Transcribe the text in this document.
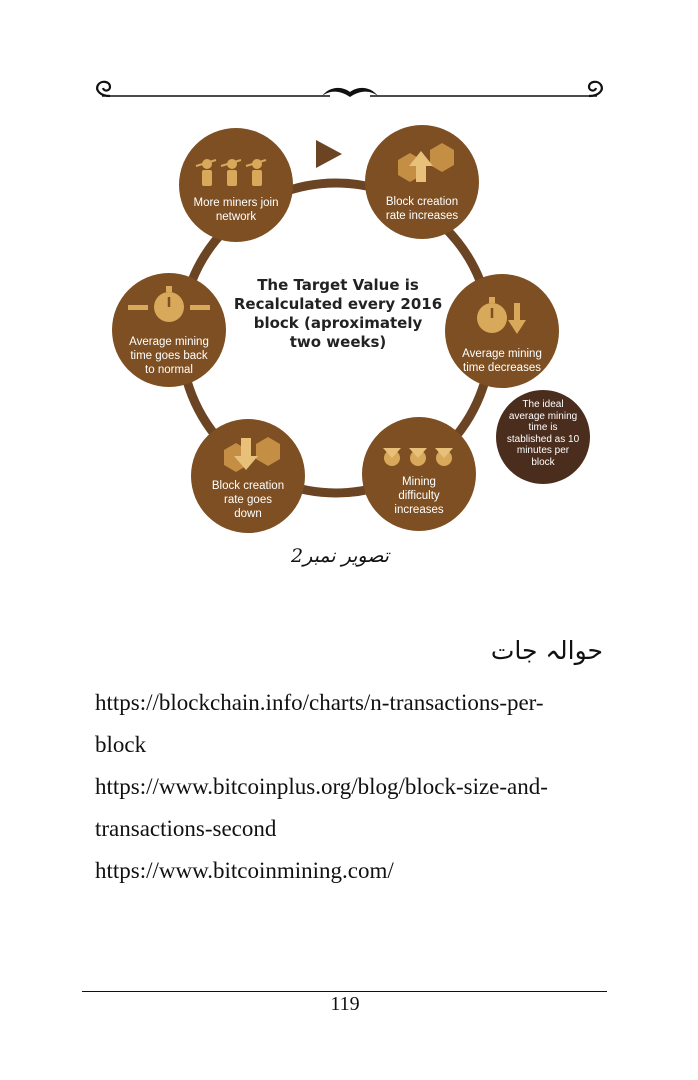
The Target Value is
Recalculated every 2016
block (aproximately
two weeks)
More miners join
network
Block creation
rate increases
Average mining
time decreases
Mining
difficulty
increases
Block creation
rate goes
down
Average mining
time goes back
to normal
The ideal
average mining
time is
stablished as 10
minutes per
block
تصویر نمبر2
حوالہ جات
https://blockchain.info/charts/n-transactions-per-
block
https://www.bitcoinplus.org/blog/block-size-and-
transactions-second
https://www.bitcoinmining.com/
119
